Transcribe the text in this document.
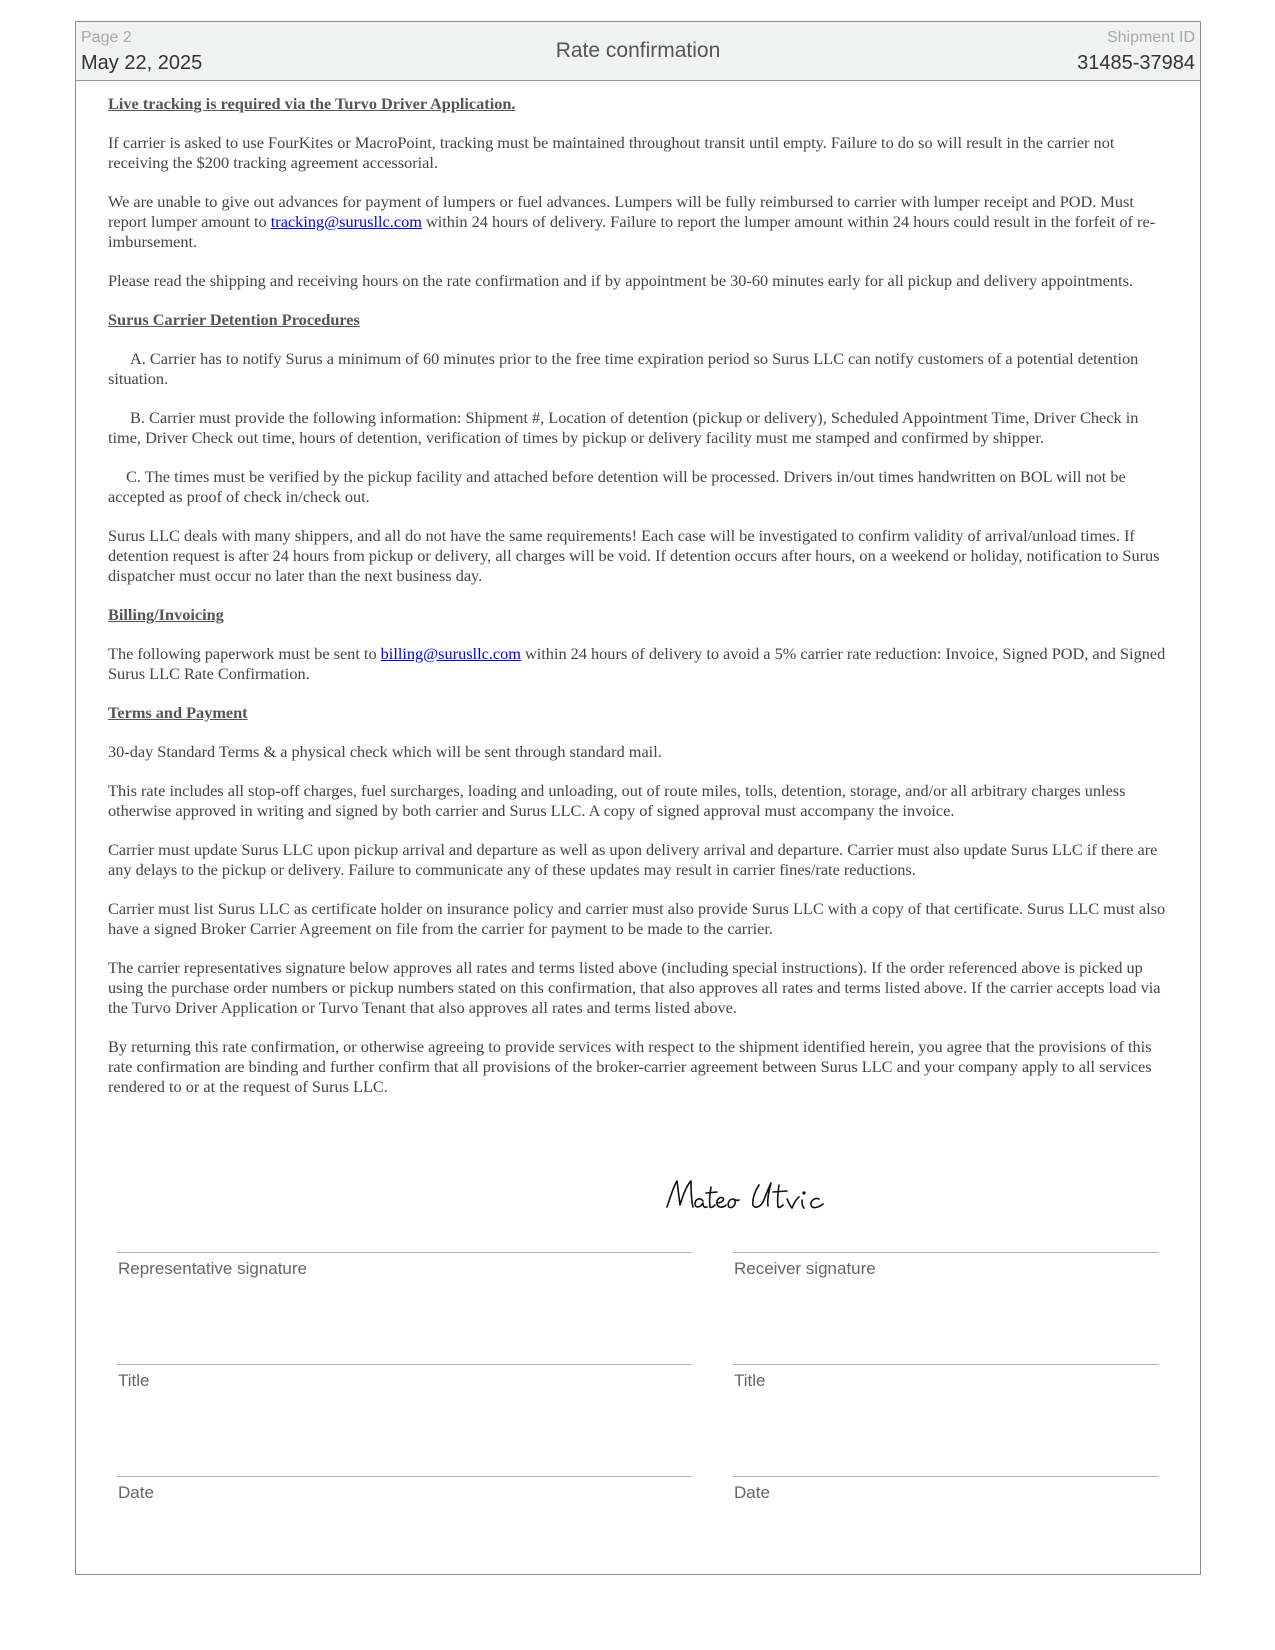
Page 2
May 22, 2025
Rate confirmation
Shipment ID
31485-37984

Live tracking is required via the Turvo Driver Application.

If carrier is asked to use FourKites or MacroPoint, tracking must be maintained throughout transit until empty. Failure to do so will result in the carrier not receiving the $200 tracking agreement accessorial.

We are unable to give out advances for payment of lumpers or fuel advances. Lumpers will be fully reimbursed to carrier with lumper receipt and POD. Must report lumper amount to tracking@surusllc.com within 24 hours of delivery. Failure to report the lumper amount within 24 hours could result in the forfeit of re-imbursement.

Please read the shipping and receiving hours on the rate confirmation and if by appointment be 30-60 minutes early for all pickup and delivery appointments.

Surus Carrier Detention Procedures

A. Carrier has to notify Surus a minimum of 60 minutes prior to the free time expiration period so Surus LLC can notify customers of a potential detention situation.

B. Carrier must provide the following information: Shipment #, Location of detention (pickup or delivery), Scheduled Appointment Time, Driver Check in time, Driver Check out time, hours of detention, verification of times by pickup or delivery facility must me stamped and confirmed by shipper.

C. The times must be verified by the pickup facility and attached before detention will be processed. Drivers in/out times handwritten on BOL will not be accepted as proof of check in/check out.

Surus LLC deals with many shippers, and all do not have the same requirements! Each case will be investigated to confirm validity of arrival/unload times. If detention request is after 24 hours from pickup or delivery, all charges will be void. If detention occurs after hours, on a weekend or holiday, notification to Surus dispatcher must occur no later than the next business day.

Billing/Invoicing

The following paperwork must be sent to billing@surusllc.com within 24 hours of delivery to avoid a 5% carrier rate reduction: Invoice, Signed POD, and Signed Surus LLC Rate Confirmation.

Terms and Payment

30-day Standard Terms & a physical check which will be sent through standard mail.

This rate includes all stop-off charges, fuel surcharges, loading and unloading, out of route miles, tolls, detention, storage, and/or all arbitrary charges unless otherwise approved in writing and signed by both carrier and Surus LLC. A copy of signed approval must accompany the invoice.

Carrier must update Surus LLC upon pickup arrival and departure as well as upon delivery arrival and departure. Carrier must also update Surus LLC if there are any delays to the pickup or delivery. Failure to communicate any of these updates may result in carrier fines/rate reductions.

Carrier must list Surus LLC as certificate holder on insurance policy and carrier must also provide Surus LLC with a copy of that certificate. Surus LLC must also have a signed Broker Carrier Agreement on file from the carrier for payment to be made to the carrier.

The carrier representatives signature below approves all rates and terms listed above (including special instructions). If the order referenced above is picked up using the purchase order numbers or pickup numbers stated on this confirmation, that also approves all rates and terms listed above. If the carrier accepts load via the Turvo Driver Application or Turvo Tenant that also approves all rates and terms listed above.

By returning this rate confirmation, or otherwise agreeing to provide services with respect to the shipment identified herein, you agree that the provisions of this rate confirmation are binding and further confirm that all provisions of the broker-carrier agreement between Surus LLC and your company apply to all services rendered to or at the request of Surus LLC.

Representative signature	Receiver signature
Title	Title
Date	Date
